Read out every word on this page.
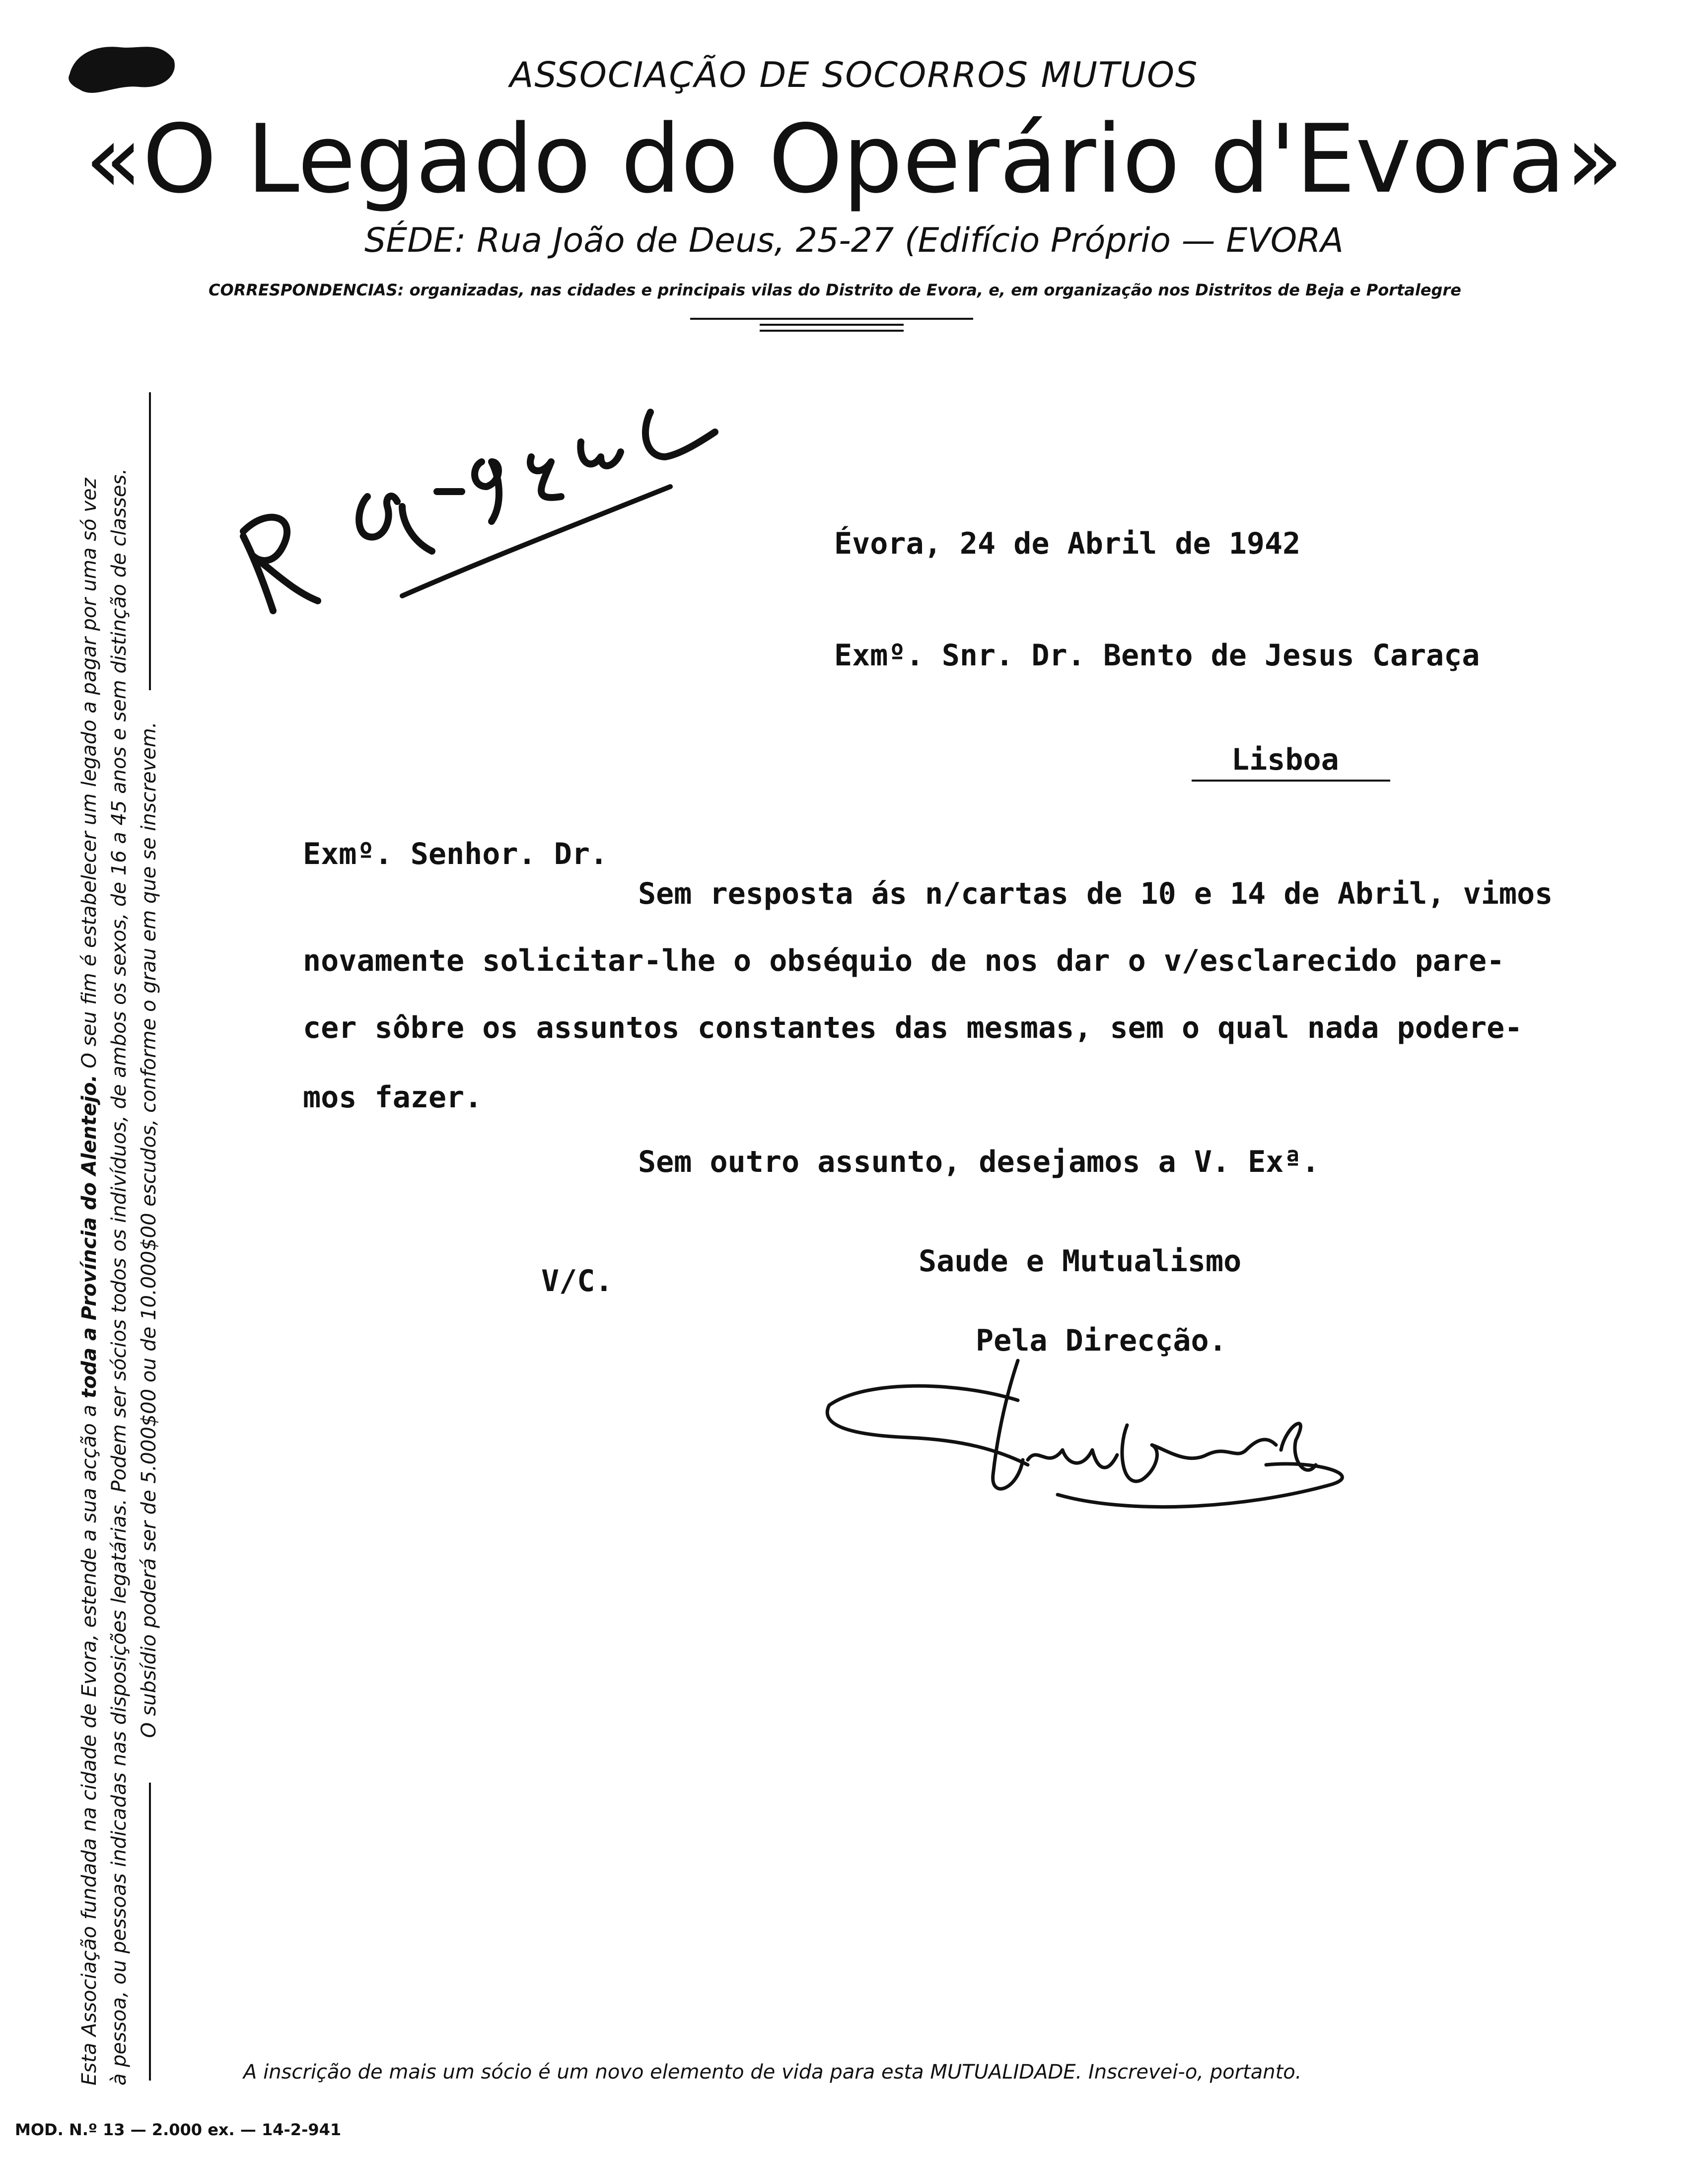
ASSOCIAÇÃO DE SOCORROS MUTUOS
«O Legado do Operário d'Evora»
SÉDE: Rua João de Deus, 25-27 (Edifício Próprio — EVORA
CORRESPONDENCIAS: organizadas, nas cidades e principais vilas do Distrito de Evora, e, em organização nos Distritos de Beja e Portalegre
Esta Associação fundada na cidade de Evora, estende a sua acção a toda a Província do Alentejo. O seu fim é estabelecer um legado a pagar por uma só vez à pessoa, ou pessoas indicadas nas disposições legatárias. Podem ser sócios todos os indivíduos, de ambos os sexos, de 16 a 45 anos e sem distinção de classes. O subsídio poderá ser de 5.000$00 ou de 10.000$00 escudos, conforme o grau em que se inscrevem.
Évora, 24 de Abril de 1942
Exmº. Snr. Dr. Bento de Jesus Caraça
Lisboa
Exmº. Senhor. Dr.
Sem resposta ás n/cartas de 10 e 14 de Abril, vimos
novamente solicitar-lhe o obséquio de nos dar o v/esclarecido pare-
cer sôbre os assuntos constantes das mesmas, sem o qual nada podere-
mos fazer.
Sem outro assunto, desejamos a V. Exª.
V/C.
Saude e Mutualismo
Pela Direcção.
A inscrição de mais um sócio é um novo elemento de vida para esta MUTUALIDADE. Inscrevei-o, portanto.
MOD. N.º 13 — 2.000 ex. — 14-2-941
